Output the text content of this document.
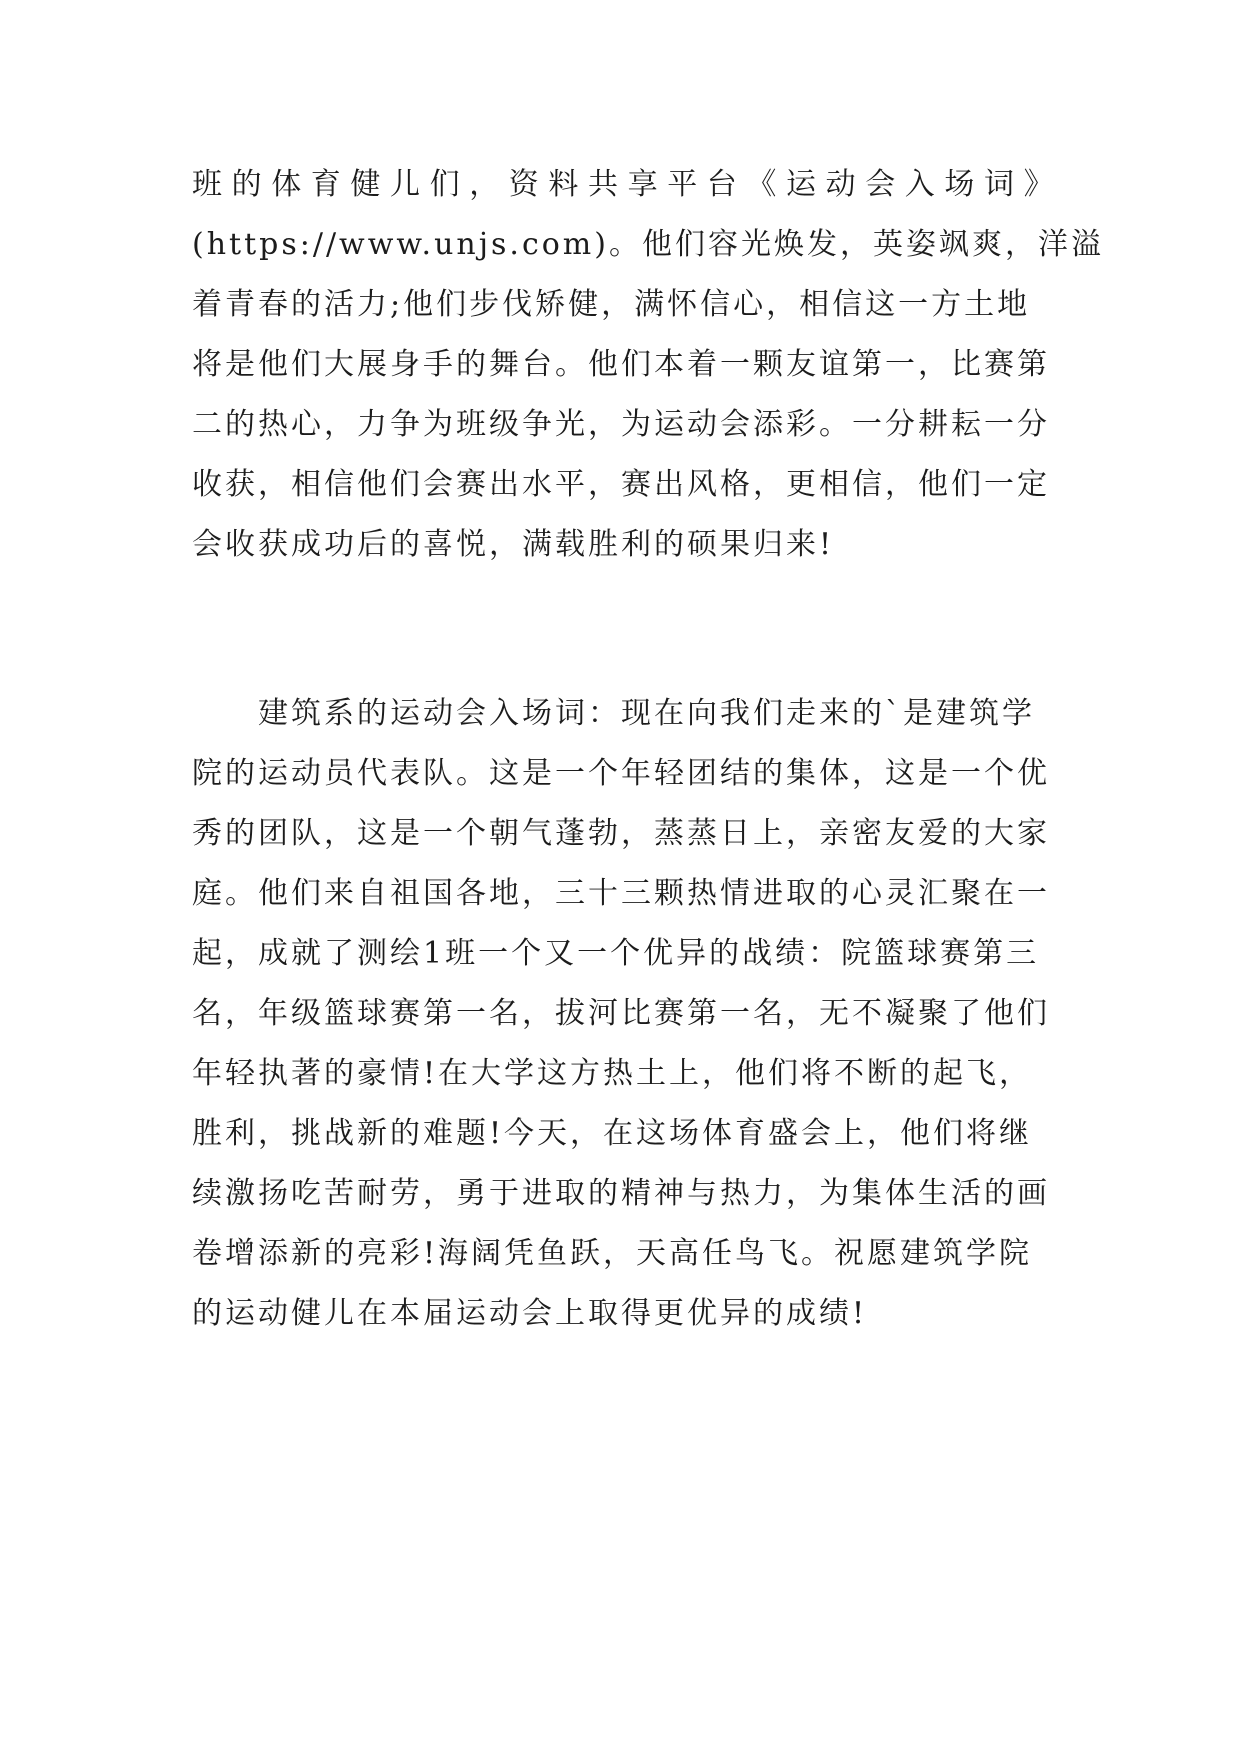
班的体育健儿们，资料共享平台《运动会入场词》
(https://www.unjs.com)。他们容光焕发，英姿飒爽，洋溢
着青春的活力;他们步伐矫健，满怀信心，相信这一方土地
将是他们大展身手的舞台。他们本着一颗友谊第一，比赛第
二的热心，力争为班级争光，为运动会添彩。一分耕耘一分
收获，相信他们会赛出水平，赛出风格，更相信，他们一定
会收获成功后的喜悦，满载胜利的硕果归来!
建筑系的运动会入场词：现在向我们走来的`是建筑学
院的运动员代表队。这是一个年轻团结的集体，这是一个优
秀的团队，这是一个朝气蓬勃，蒸蒸日上，亲密友爱的大家
庭。他们来自祖国各地，三十三颗热情进取的心灵汇聚在一
起，成就了测绘1班一个又一个优异的战绩：院篮球赛第三
名，年级篮球赛第一名，拔河比赛第一名，无不凝聚了他们
年轻执著的豪情!在大学这方热土上，他们将不断的起飞，
胜利，挑战新的难题!今天，在这场体育盛会上，他们将继
续激扬吃苦耐劳，勇于进取的精神与热力，为集体生活的画
卷增添新的亮彩!海阔凭鱼跃，天高任鸟飞。祝愿建筑学院
的运动健儿在本届运动会上取得更优异的成绩!
